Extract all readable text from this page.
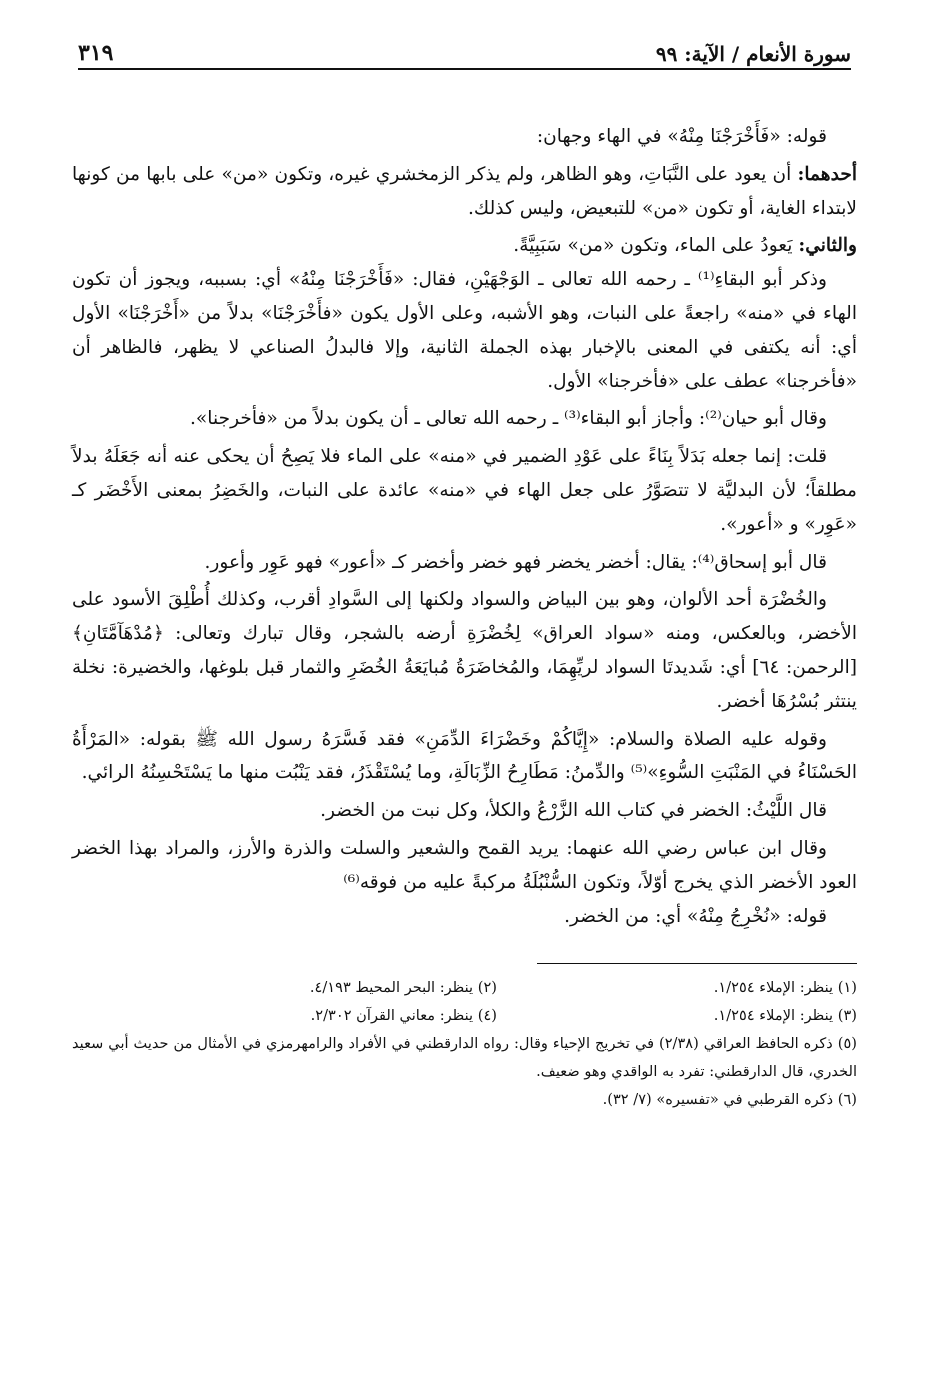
سورة الأنعام / الآية: ٩٩
٣١٩

قوله: «فَأَخْرَجْنَا مِنْهُ» في الهاء وجهان:

أحدهما: أن يعود على النَّبَاتِ، وهو الظاهر، ولم يذكر الزمخشري غيره، وتكون «من» على بابها من كونها لابتداء الغاية، أو تكون «من» للتبعيض، وليس كذلك.

والثاني: يَعودُ على الماء، وتكون «من» سَبَبِيَّةً.

وذكر أبو البقاءِ⁽¹⁾ ـ رحمه الله تعالى ـ الوَجْهَيْنِ، فقال: «فَأَخْرَجْنَا مِنْهُ» أي: بسببه، ويجوز أن تكون الهاء في «منه» راجعةً على النبات، وهو الأشبه، وعلى الأول يكون «فأَخْرَجْنَا» بدلاً من «أَخْرَجْنَا» الأول أي: أنه يكتفى في المعنى بالإخبار بهذه الجملة الثانية، وإلا فالبدلُ الصناعي لا يظهر، فالظاهر أن «فأخرجنا» عطف على «فأخرجنا» الأول.

وقال أبو حيان⁽²⁾: وأجاز أبو البقاء⁽³⁾ ـ رحمه الله تعالى ـ أن يكون بدلاً من «فأخرجنا».

قلت: إنما جعله بَدَلاً بِنَاءً على عَوْدِ الضمير في «منه» على الماء فلا يَصِحُ أن يحكى عنه أنه جَعَلَهُ بدلاً مطلقاً؛ لأن البدليَّة لا تتصَوَّرُ على جعل الهاء في «منه» عائدة على النبات، والخَضِرُ بمعنى الأَخْضَر كـ «عَوِر» و «أعور».

قال أبو إسحاق⁽⁴⁾: يقال: أخضر يخضر فهو خضر وأخضر كـ «أعور» فهو عَوِر وأعور.

والخُضْرَة أحد الألوان، وهو بين البياض والسواد ولكنها إلى السَّوادِ أقرب، وكذلك أُطْلِقَ الأسود على الأخضر، وبالعكس، ومنه «سواد العراق» لِخُضْرَةِ أرضه بالشجر، وقال تبارك وتعالى: ﴿مُدْهَآمَّتَانِ﴾ [الرحمن: ٦٤] أي: شَديدتَا السواد لريِّهِمَا، والمُخاضَرَةُ مُبايَعَةُ الخُضَرِ والثمار قبل بلوغها، والخضيرة: نخلة ينتثر بُسْرُهَا أخضر.

وقوله عليه الصلاة والسلام: «إِيَّاكُمْ وخَضْرَاءَ الدِّمَنِ» فقد فَسَّرَهُ رسول الله ﷺ بقوله: «المَرْأَةُ الحَسْنَاءُ في المَنْبَتِ السُّوءِ»⁽⁵⁾ والدِّمنُ: مَطَارِحُ الزِّبَالَةِ، وما يُسْتَقْذَرُ، فقد يَنْبُت منها ما يَسْتَحْسِنُهُ الرائي.

قال اللَّيْثُ: الخضر في كتاب الله الزَّرْعُ والكلأ، وكل نبت من الخضر.

وقال ابن عباس رضي الله عنهما: يريد القمح والشعير والسلت والذرة والأرز، والمراد بهذا الخضر العود الأخضر الذي يخرج أوّلاً، وتكون السُّنْبُلَةُ مركبةً عليه من فوقه⁽⁶⁾

قوله: «نُخْرِجُ مِنْهُ» أي: من الخضر.

(١) ينظر: الإملاء ١/٢٥٤.
(٢) ينظر: البحر المحيط ٤/١٩٣.
(٣) ينظر: الإملاء ١/٢٥٤.
(٤) ينظر: معاني القرآن ٢/٣٠٢.

(٥) ذكره الحافظ العراقي (٢/٣٨) في تخريج الإحياء وقال: رواه الدارقطني في الأفراد والرامهرمزي في الأمثال من حديث أبي سعيد الخدري، قال الدارقطني: تفرد به الواقدي وهو ضعيف.

(٦) ذكره القرطبي في «تفسيره» (٧/ ٣٢).
